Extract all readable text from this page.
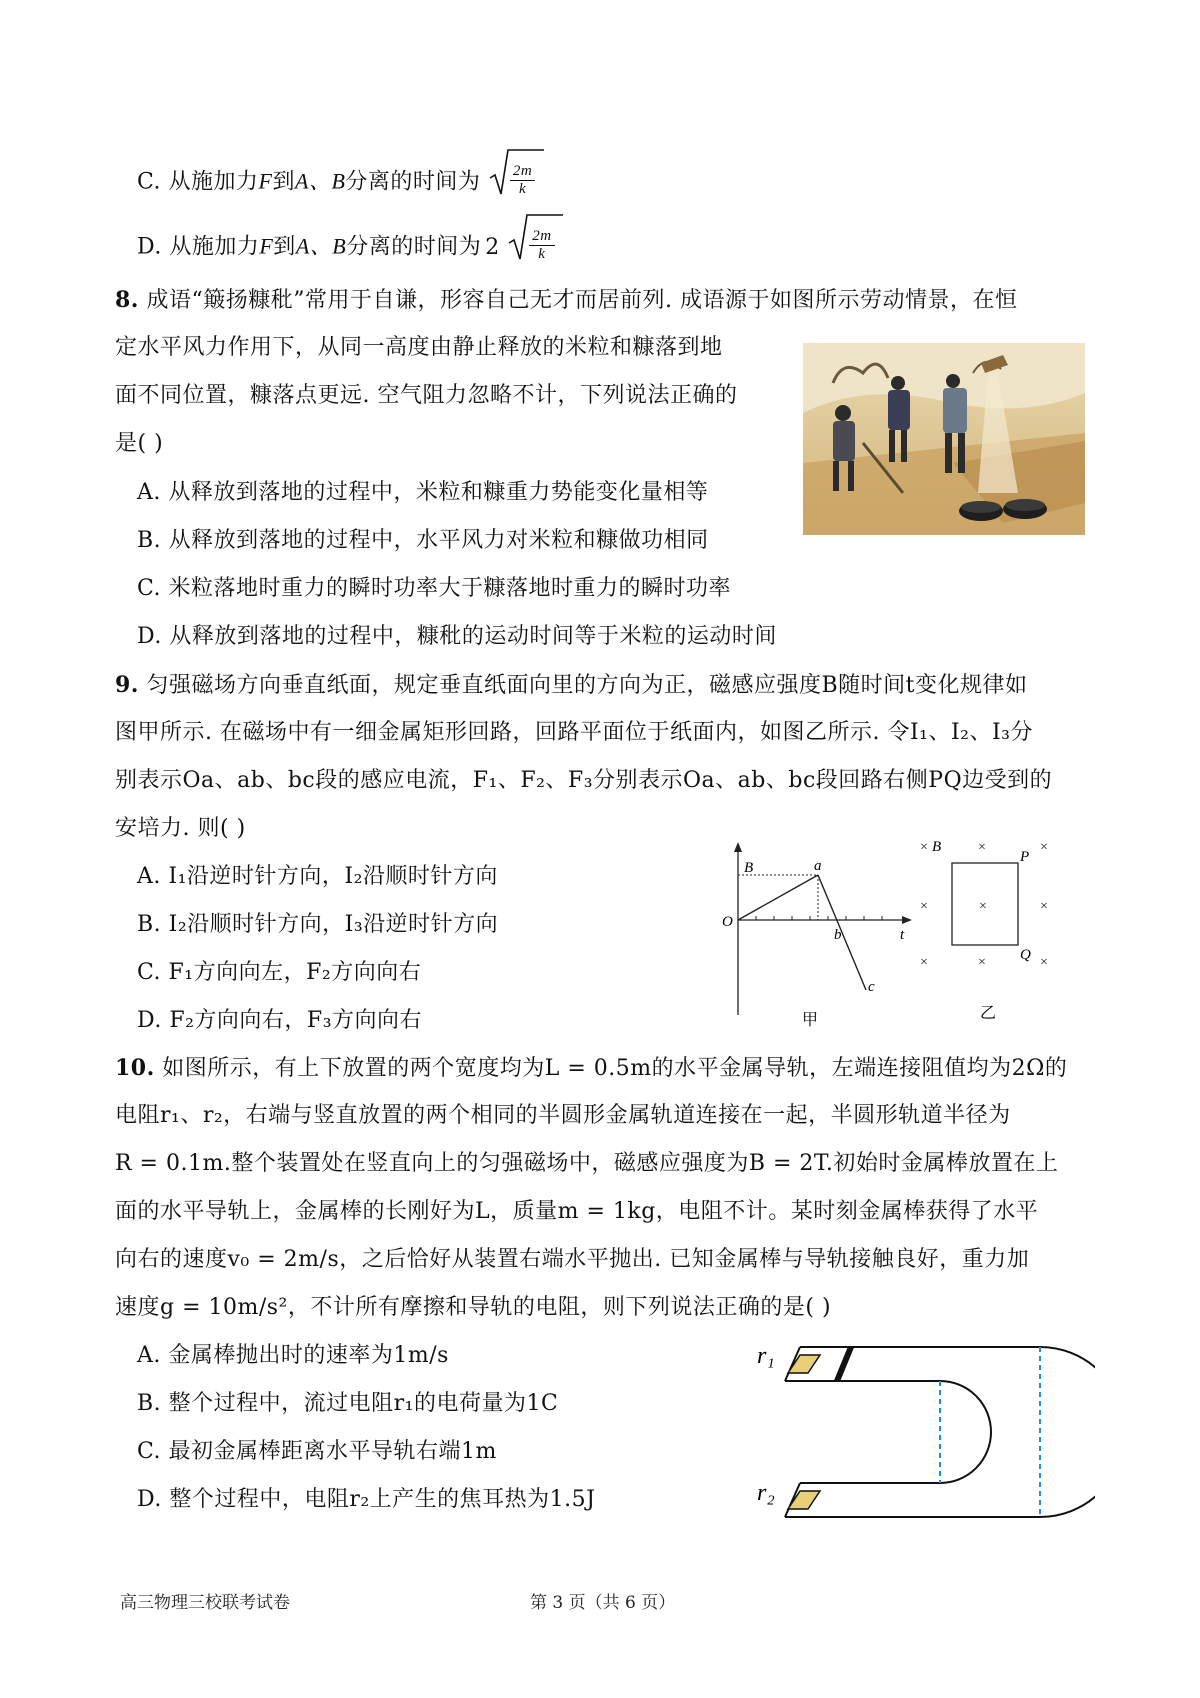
C. 从施加力F到A、B分离的时间为 $\frac{2m}{k}$
D. 从施加力F到A、B分离的时间为 $2 \frac{2m}{k}$
8. 成语“簸扬糠秕”常用于自谦，形容自己无才而居前列. 成语源于如图所示劳动情景，在恒
定水平风力作用下，从同一高度由静止释放的米粒和糠落到地
面不同位置，糠落点更远. 空气阻力忽略不计，下列说法正确的
是( )
A. 从释放到落地的过程中，米粒和糠重力势能变化量相等
B. 从释放到落地的过程中，水平风力对米粒和糠做功相同
C. 米粒落地时重力的瞬时功率大于糠落地时重力的瞬时功率
D. 从释放到落地的过程中，糠秕的运动时间等于米粒的运动时间
9. 匀强磁场方向垂直纸面，规定垂直纸面向里的方向为正，磁感应强度B随时间t变化规律如
图甲所示. 在磁场中有一细金属矩形回路，回路平面位于纸面内，如图乙所示. 令I₁、I₂、I₃分
别表示Oa、ab、bc段的感应电流，F₁、F₂、F₃分别表示Oa、ab、bc段回路右侧PQ边受到的
安培力. 则( )
A. I₁沿逆时针方向，I₂沿顺时针方向
B. I₂沿顺时针方向，I₃沿逆时针方向
C. F₁方向向左，F₂方向向右
D. F₂方向向右，F₃方向向右
B	a
O
b	t
c
甲
×	×	×
×	×	×
×	×	×
B
P
Q
乙
10. 如图所示，有上下放置的两个宽度均为L = 0.5m的水平金属导轨，左端连接阻值均为2Ω的
电阻r₁、r₂，右端与竖直放置的两个相同的半圆形金属轨道连接在一起，半圆形轨道半径为
R = 0.1m.整个装置处在竖直向上的匀强磁场中，磁感应强度为B = 2T.初始时金属棒放置在上
面的水平导轨上，金属棒的长刚好为L，质量m = 1kg，电阻不计。某时刻金属棒获得了水平
向右的速度v₀ = 2m/s，之后恰好从装置右端水平抛出. 已知金属棒与导轨接触良好，重力加
速度g = 10m/s²，不计所有摩擦和导轨的电阻，则下列说法正确的是( )
A. 金属棒抛出时的速率为1m/s
B. 整个过程中，流过电阻r₁的电荷量为1C
C. 最初金属棒距离水平导轨右端1m
D. 整个过程中，电阻r₂上产生的焦耳热为1.5J
r₁
r₂
高三物理三校联考试卷	第 3 页（共 6 页）
